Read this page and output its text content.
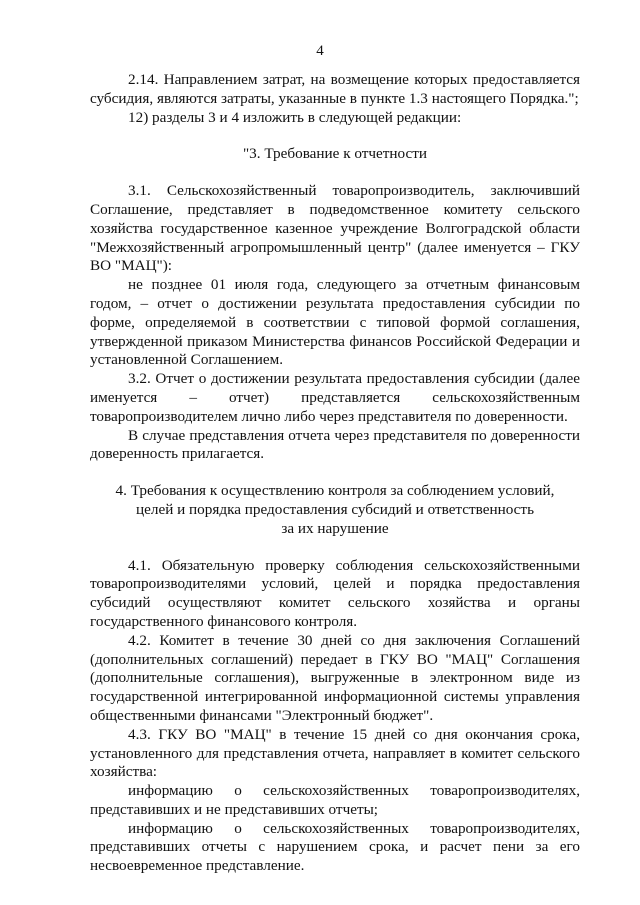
4

2.14. Направлением затрат, на возмещение которых предоставляется субсидия, являются затраты, указанные в пункте 1.3 настоящего Порядка.";

12) разделы 3 и 4 изложить в следующей редакции:

"3. Требование к отчетности

3.1. Сельскохозяйственный товаропроизводитель, заключивший Соглашение, представляет в подведомственное комитету сельского хозяйства государственное казенное учреждение Волгоградской области "Межхозяйственный агропромышленный центр" (далее именуется – ГКУ ВО "МАЦ"):

не позднее 01 июля года, следующего за отчетным финансовым годом, – отчет о достижении результата предоставления субсидии по форме, определяемой в соответствии с типовой формой соглашения, утвержденной приказом Министерства финансов Российской Федерации и установленной Соглашением.

3.2. Отчет о достижении результата предоставления субсидии (далее именуется – отчет) представляется сельскохозяйственным товаропроизводителем лично либо через представителя по доверенности.

В случае представления отчета через представителя по доверенности доверенность прилагается.

4. Требования к осуществлению контроля за соблюдением условий,

целей и порядка предоставления субсидий и ответственность

за их нарушение

4.1. Обязательную проверку соблюдения сельскохозяйственными товаропроизводителями условий, целей и порядка предоставления субсидий осуществляют комитет сельского хозяйства и органы государственного финансового контроля.

4.2. Комитет в течение 30 дней со дня заключения Соглашений (дополнительных соглашений) передает в ГКУ ВО "МАЦ" Соглашения (дополнительные соглашения), выгруженные в электронном виде из государственной интегрированной информационной системы управления общественными финансами "Электронный бюджет".

4.3. ГКУ ВО "МАЦ" в течение 15 дней со дня окончания срока, установленного для представления отчета, направляет в комитет сельского хозяйства:

информацию о сельскохозяйственных товаропроизводителях, представивших и не представивших отчеты;

информацию о сельскохозяйственных товаропроизводителях, представивших отчеты с нарушением срока, и расчет пени за его несвоевременное представление.
